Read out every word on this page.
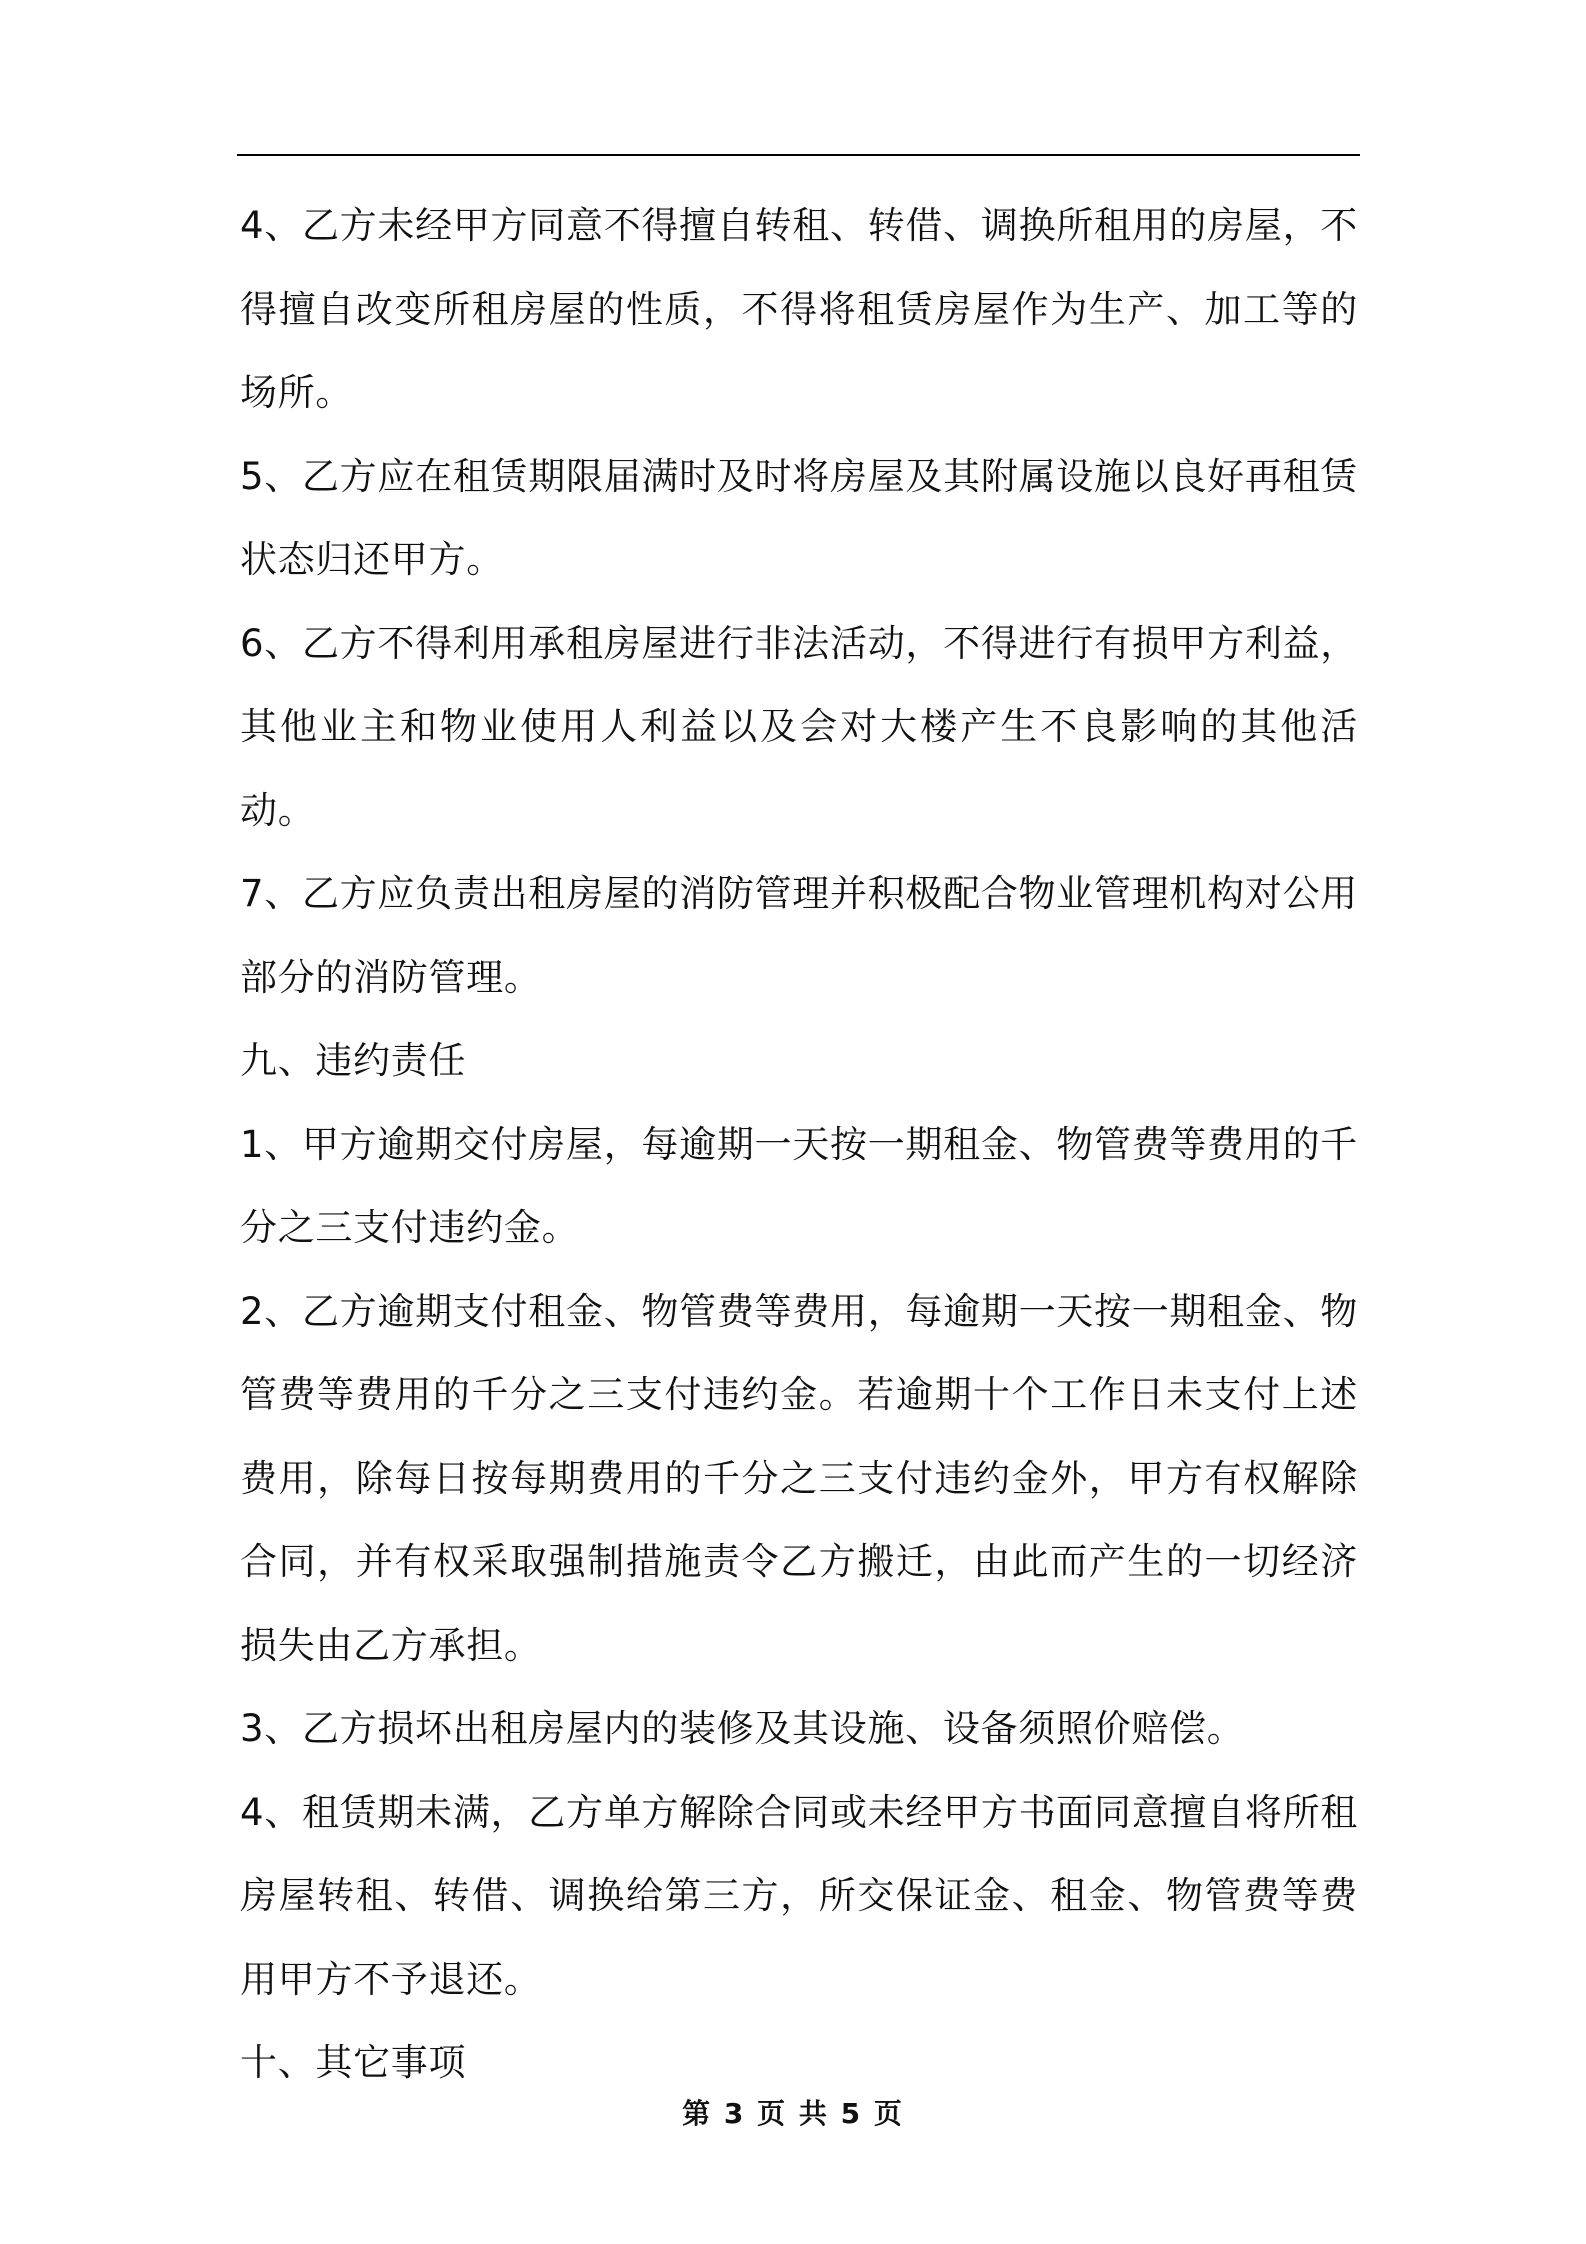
4、乙方未经甲方同意不得擅自转租、转借、调换所租用的房屋，不得擅自改变所租房屋的性质，不得将租赁房屋作为生产、加工等的场所。

5、乙方应在租赁期限届满时及时将房屋及其附属设施以良好再租赁状态归还甲方。

6、乙方不得利用承租房屋进行非法活动，不得进行有损甲方利益，其他业主和物业使用人利益以及会对大楼产生不良影响的其他活动。

7、乙方应负责出租房屋的消防管理并积极配合物业管理机构对公用部分的消防管理。

九、违约责任

1、甲方逾期交付房屋，每逾期一天按一期租金、物管费等费用的千分之三支付违约金。

2、乙方逾期支付租金、物管费等费用，每逾期一天按一期租金、物管费等费用的千分之三支付违约金。若逾期十个工作日未支付上述费用，除每日按每期费用的千分之三支付违约金外，甲方有权解除合同，并有权采取强制措施责令乙方搬迁，由此而产生的一切经济损失由乙方承担。

3、乙方损坏出租房屋内的装修及其设施、设备须照价赔偿。

4、租赁期未满，乙方单方解除合同或未经甲方书面同意擅自将所租房屋转租、转借、调换给第三方，所交保证金、租金、物管费等费用甲方不予退还。

十、其它事项

第 3 页 共 5 页
